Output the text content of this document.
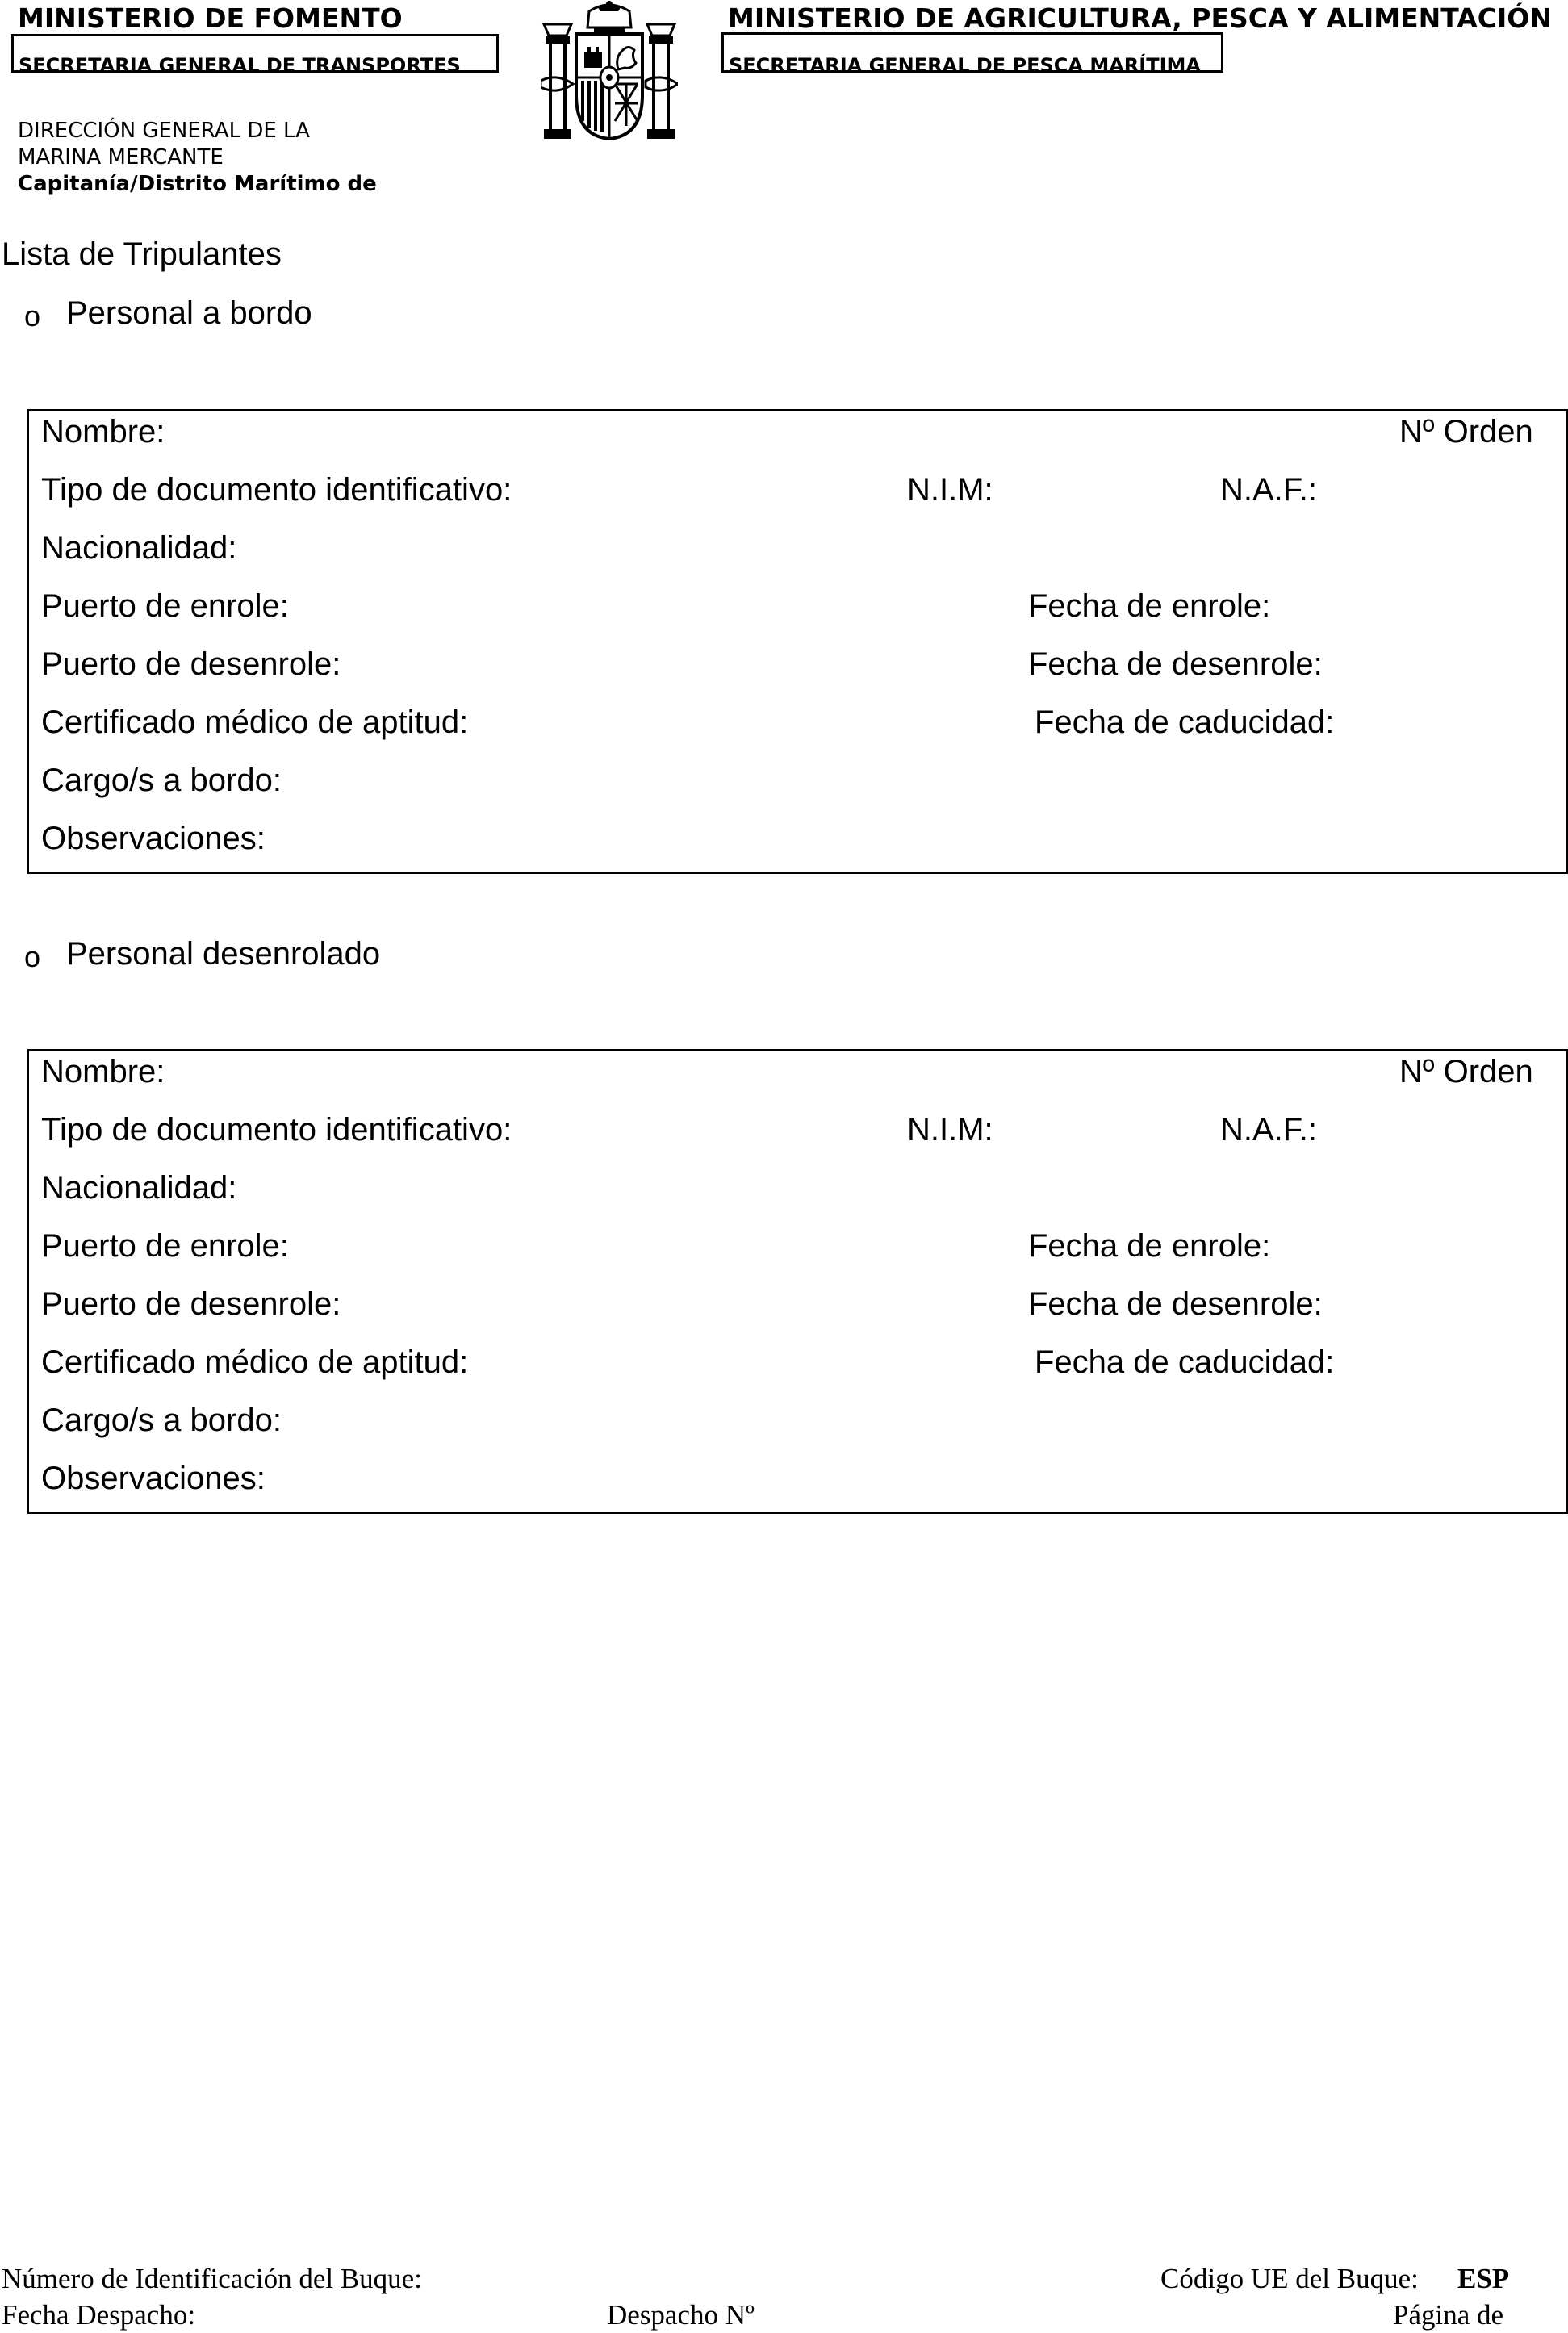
MINISTERIO DE FOMENTO
SECRETARIA GENERAL DE TRANSPORTES
MINISTERIO DE AGRICULTURA, PESCA Y ALIMENTACIÓN
SECRETARIA GENERAL DE PESCA MARÍTIMA
DIRECCIÓN GENERAL DE LA
MARINA MERCANTE
Capitanía/Distrito Marítimo de
Lista de Tripulantes
o Personal a bordo
Nombre:	Nº Orden
Tipo de documento identificativo:	N.I.M:	N.A.F.:
Nacionalidad:
Puerto de enrole:	Fecha de enrole:
Puerto de desenrole:	Fecha de desenrole:
Certificado médico de aptitud:	Fecha de caducidad:
Cargo/s a bordo:
Observaciones:
o Personal desenrolado
Nombre:	Nº Orden
Tipo de documento identificativo:	N.I.M:	N.A.F.:
Nacionalidad:
Puerto de enrole:	Fecha de enrole:
Puerto de desenrole:	Fecha de desenrole:
Certificado médico de aptitud:	Fecha de caducidad:
Cargo/s a bordo:
Observaciones:
Número de Identificación del Buque:	Código UE del Buque: ESP
Fecha Despacho:	Despacho Nº	Página de
